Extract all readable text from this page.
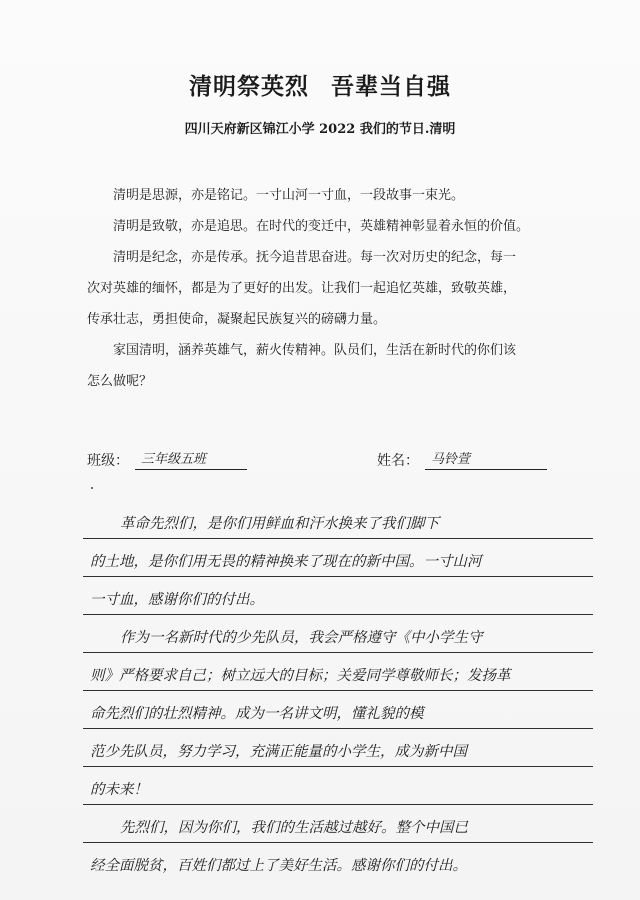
清明祭英烈 吾辈当自强
四川天府新区锦江小学 2022 我们的节日.清明

清明是思源，亦是铭记。一寸山河一寸血，一段故事一束光。

清明是致敬，亦是追思。在时代的变迁中，英雄精神彰显着永恒的价值。

清明是纪念，亦是传承。抚今追昔思奋进。每一次对历史的纪念，每一

次对英雄的缅怀，都是为了更好的出发。让我们一起追忆英雄，致敬英雄，

传承壮志，勇担使命，凝聚起民族复兴的磅礴力量。

家国清明，涵养英雄气，薪火传精神。队员们，生活在新时代的你们该

怎么做呢？

班级： 三年级五班	姓名： 马铃萱
革命先烈们，是你们用鲜血和汗水换来了我们脚下
的土地，是你们用无畏的精神换来了现在的新中国。一寸山河
一寸血，感谢你们的付出。
作为一名新时代的少先队员，我会严格遵守《中小学生守
则》严格要求自己；树立远大的目标；关爱同学尊敬师长；发扬革
命先烈们的壮烈精神。成为一名讲文明，懂礼貌的模
范少先队员，努力学习，充满正能量的小学生，成为新中国
的未来！
先烈们，因为你们，我们的生活越过越好。整个中国已
经全面脱贫，百姓们都过上了美好生活。感谢你们的付出。
